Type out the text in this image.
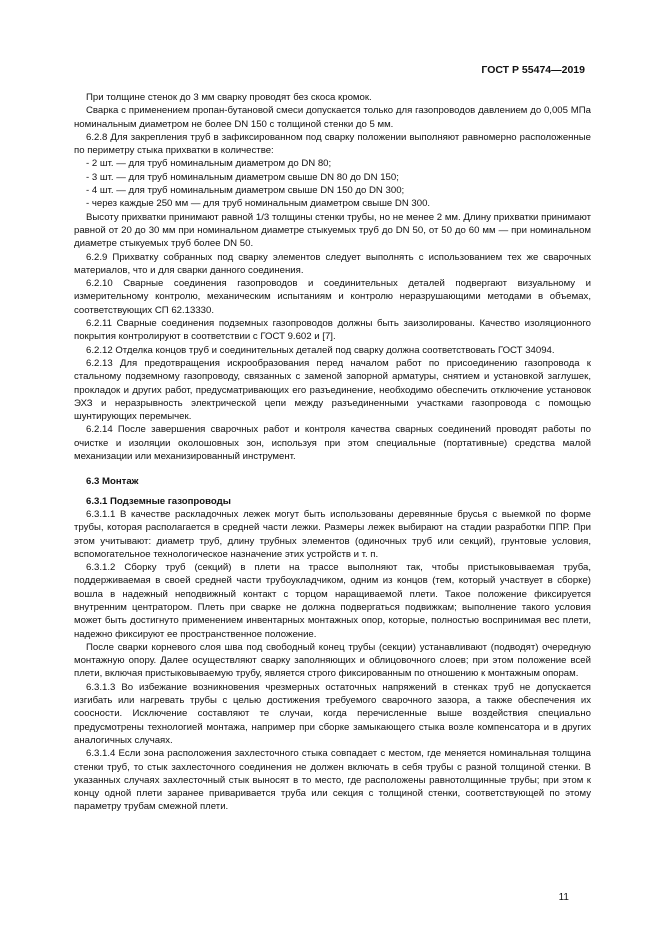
ГОСТ Р 55474—2019

При толщине стенок до 3 мм сварку проводят без скоса кромок.

Сварка с применением пропан-бутановой смеси допускается только для газопроводов давлением до 0,005 МПа номинальным диаметром не более DN 150 с толщиной стенки до 5 мм.

6.2.8 Для закрепления труб в зафиксированном под сварку положении выполняют равномерно расположенные по периметру стыка прихватки в количестве:

- 2 шт. — для труб номинальным диаметром до DN 80;

- 3 шт. — для труб номинальным диаметром свыше DN 80 до DN 150;

- 4 шт. — для труб номинальным диаметром свыше DN 150 до DN 300;

- через каждые 250 мм — для труб номинальным диаметром свыше DN 300.

Высоту прихватки принимают равной 1/3 толщины стенки трубы, но не менее 2 мм. Длину прихватки принимают равной от 20 до 30 мм при номинальном диаметре стыкуемых труб до DN 50, от 50 до 60 мм — при номинальном диаметре стыкуемых труб более DN 50.

6.2.9 Прихватку собранных под сварку элементов следует выполнять с использованием тех же сварочных материалов, что и для сварки данного соединения.

6.2.10 Сварные соединения газопроводов и соединительных деталей подвергают визуальному и измерительному контролю, механическим испытаниям и контролю неразрушающими методами в объемах, соответствующих СП 62.13330.

6.2.11 Сварные соединения подземных газопроводов должны быть заизолированы. Качество изоляционного покрытия контролируют в соответствии с ГОСТ 9.602 и [7].

6.2.12 Отделка концов труб и соединительных деталей под сварку должна соответствовать ГОСТ 34094.

6.2.13 Для предотвращения искрообразования перед началом работ по присоединению газопровода к стальному подземному газопроводу, связанных с заменой запорной арматуры, снятием и установкой заглушек, прокладок и других работ, предусматривающих его разъединение, необходимо обеспечить отключение установок ЭХЗ и неразрывность электрической цепи между разъединенными участками газопровода с помощью шунтирующих перемычек.

6.2.14 После завершения сварочных работ и контроля качества сварных соединений проводят работы по очистке и изоляции околошовных зон, используя при этом специальные (портативные) средства малой механизации или механизированный инструмент.

6.3 Монтаж

6.3.1 Подземные газопроводы

6.3.1.1 В качестве раскладочных лежек могут быть использованы деревянные брусья с выемкой по форме трубы, которая располагается в средней части лежки. Размеры лежек выбирают на стадии разработки ППР. При этом учитывают: диаметр труб, длину трубных элементов (одиночных труб или секций), грунтовые условия, вспомогательное технологическое назначение этих устройств и т. п.

6.3.1.2 Сборку труб (секций) в плети на трассе выполняют так, чтобы пристыковываемая труба, поддерживаемая в своей средней части трубоукладчиком, одним из концов (тем, который участвует в сборке) вошла в надежный неподвижный контакт с торцом наращиваемой плети. Такое положение фиксируется внутренним центратором. Плеть при сварке не должна подвергаться подвижкам; выполнение такого условия может быть достигнуто применением инвентарных монтажных опор, которые, полностью воспринимая вес плети, надежно фиксируют ее пространственное положение.

После сварки корневого слоя шва под свободный конец трубы (секции) устанавливают (подводят) очередную монтажную опору. Далее осуществляют сварку заполняющих и облицовочного слоев; при этом положение всей плети, включая пристыковываемую трубу, является строго фиксированным по отношению к монтажным опорам.

6.3.1.3 Во избежание возникновения чрезмерных остаточных напряжений в стенках труб не допускается изгибать или нагревать трубы с целью достижения требуемого сварочного зазора, а также обеспечения их соосности. Исключение составляют те случаи, когда перечисленные выше воздействия специально предусмотрены технологией монтажа, например при сборке замыкающего стыка возле компенсатора и в других аналогичных случаях.

6.3.1.4 Если зона расположения захлесточного стыка совпадает с местом, где меняется номинальная толщина стенки труб, то стык захлесточного соединения не должен включать в себя трубы с разной толщиной стенки. В указанных случаях захлесточный стык выносят в то место, где расположены равнотолщинные трубы; при этом к концу одной плети заранее приваривается труба или секция с толщиной стенки, соответствующей по этому параметру трубам смежной плети.

11
